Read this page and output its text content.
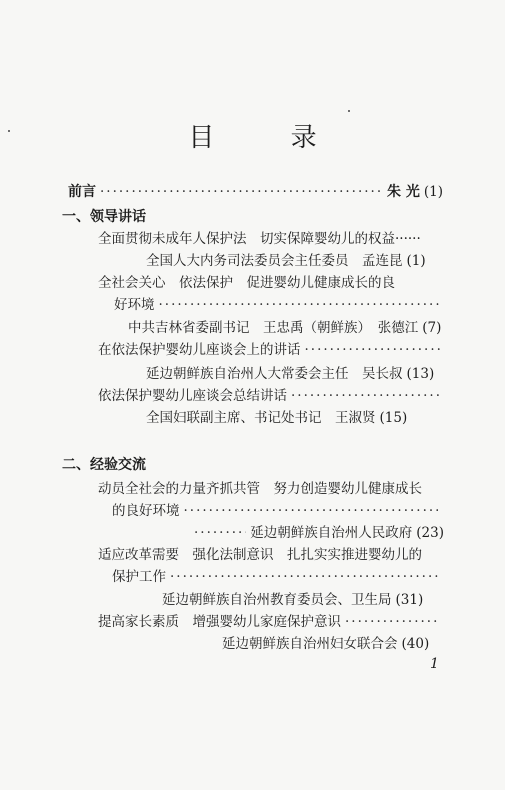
目 录
前言
·····	朱 光 (1)
一、领导讲话
全面贯彻未成年人保护法　切实保障婴幼儿的权益······
全国人大内务司法委员会主任委员　孟连昆 (1)
全社会关心　依法保护　促进婴幼儿健康成长的良
好环境
·····
中共吉林省委副书记　王忠禹（朝鲜族）　张德江 (7)
在依法保护婴幼儿座谈会上的讲话
·····
延边朝鲜族自治州人大常委会主任　吴长叔 (13)
依法保护婴幼儿座谈会总结讲话
·····
全国妇联副主席、书记处书记　王淑贤 (15)
二、经验交流
动员全社会的力量齐抓共管　努力创造婴幼儿健康成长
的良好环境
·····
·····
延边朝鲜族自治州人民政府 (23)
适应改革需要　强化法制意识　扎扎实实推进婴幼儿的
保护工作
·····
延边朝鲜族自治州教育委员会、卫生局 (31)
提高家长素质　增强婴幼儿家庭保护意识
·····
延边朝鲜族自治州妇女联合会 (40)
1
